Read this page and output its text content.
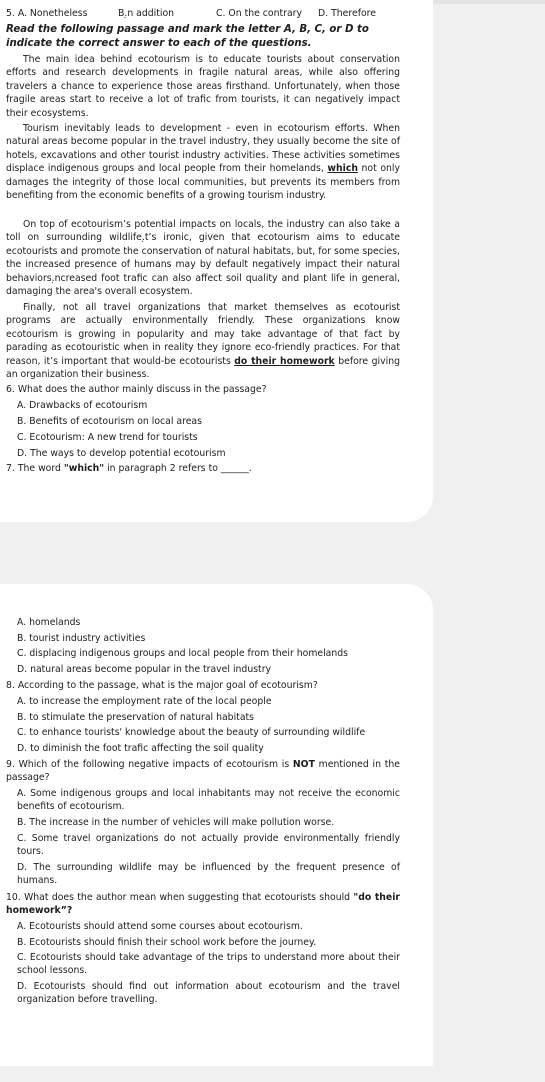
5. A. Nonetheless	B.̣n addition	C. On the contrary D. Therefore
Read the following passage and mark the letter A, B, C, or D to indicate the correct answer to each of the questions.
The main idea behind ecotourism is to educate tourists about conservation efforts and research developments in fragile natural areas, while also offering travelers a chance to experience those areas firsthand. Unfortunately, when those fragile areas start to receive a lot of trafic from tourists, it can negatively impact their ecosystems.
Tourism inevitably leads to development - even in ecotourism efforts. When natural areas become popular in the travel industry, they usually become the site of hotels, excavations and other tourist industry activities. These activities sometimes displace indigenous groups and local people from their homelands, which not only damages the integrity of those local communities, but prevents its members from benefiting from the economic benefits of a growing tourism industry.
On top of ecotourism’s potential impacts on locals, the industry can also take a toll on surrounding wildlife.̣t’s ironic, given that ecotourism aims to educate ecotourists and promote the conservation of natural habitats, but, for some species, the increased presence of humans may by default negatively impact their natural behaviors.̣ncreased foot trafic can also affect soil quality and plant life in general, damaging the area's overall ecosystem.
Finally, not all travel organizations that market themselves as ecotourist programs are actually environmentally friendly. These organizations know ecotourism is growing in popularity and may take advantage of that fact by parading as ecotouristic when in reality they ignore eco-friendly practices. For that reason, it’s important that would-be ecotourists do their homework before giving an organization their business.
6. What does the author mainly discuss in the passage?
A. Drawbacks of ecotourism
B. Benefits of ecotourism on local areas
C. Ecotourism: A new trend for tourists
D. The ways to develop potential ecotourism
7. The word "which" in paragraph 2 refers to ______.
A. homelands
B. tourist industry activities
C. displacing indigenous groups and local people from their homelands
D. natural areas become popular in the travel industry
8. According to the passage, what is the major goal of ecotourism?
A. to increase the employment rate of the local people
B. to stimulate the preservation of natural habitats
C. to enhance tourists' knowledge about the beauty of surrounding wildlife
D. to diminish the foot trafic affecting the soil quality
9. Which of the following negative impacts of ecotourism is NOT mentioned in the passage?
A. Some indigenous groups and local inhabitants may not receive the economic benefits of ecotourism.
B. The increase in the number of vehicles will make pollution worse.
C. Some travel organizations do not actually provide environmentally friendly tours.
D. The surrounding wildlife may be influenced by the frequent presence of humans.
10. What does the author mean when suggesting that ecotourists should "do their homework”?
A. Ecotourists should attend some courses about ecotourism.
B. Ecotourists should finish their school work before the journey.
C. Ecotourists should take advantage of the trips to understand more about their school lessons.
D. Ecotourists should find out information about ecotourism and the travel organization before travelling.
